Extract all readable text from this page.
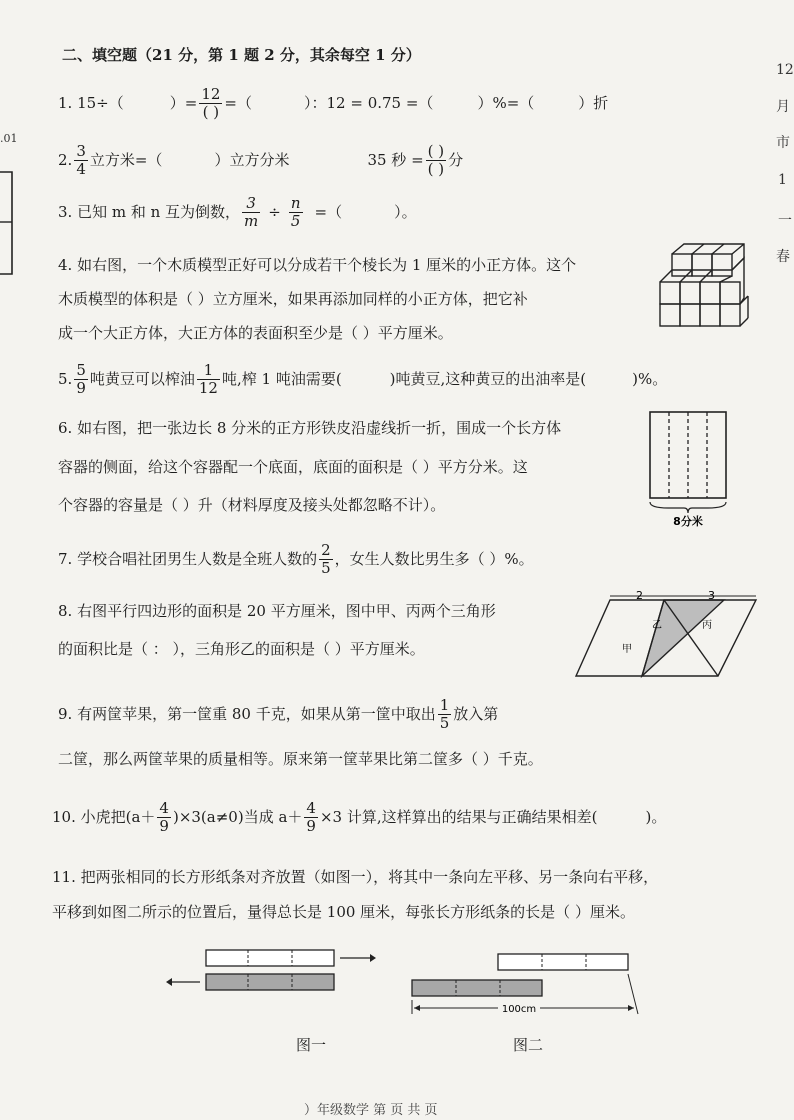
二、填空题（21 分，第 1 题 2 分，其余每空 1 分）
1. 15÷（	）= $\frac{12}{( )}$ =（	）：12 = 0.75 =（	）%=（	）折
2. $\frac{3}{4}$ 立方米=（	）立方分米	35 秒 = $\frac{( )}{( )}$ 分
3. 已知 m 和 n 互为倒数， $\frac{3}{m} \div \frac{n}{5}$ =（	）。
4. 如右图，一个木质模型正好可以分成若干个棱长为 1 厘米的小正方体。这个
木质模型的体积是（ ）立方厘米，如果再添加同样的小正方体，把它补
成一个大正方体，大正方体的表面积至少是（ ）平方厘米。
5. $\frac{5}{9}$ 吨黄豆可以榨油 $\frac{1}{12}$ 吨,榨 1 吨油需要(	)吨黄豆,这种黄豆的出油率是(	)%。
6. 如右图，把一张边长 8 分米的正方形铁皮沿虚线折一折，围成一个长方体
容器的侧面，给这个容器配一个底面，底面的面积是（ ）平方分米。这
个容器的容量是（ ）升（材料厚度及接头处都忽略不计）。
8分米
7. 学校合唱社团男生人数是全班人数的 $\frac{2}{5}$ ，女生人数比男生多（ ）%。
8. 右图平行四边形的面积是 20 平方厘米，图中甲、丙两个三角形
的面积比是（ ： ），三角形乙的面积是（ ）平方厘米。
2	3
乙	丙
甲
9. 有两筐苹果，第一筐重 80 千克，如果从第一筐中取出 $\frac{1}{5}$ 放入第
二筐，那么两筐苹果的质量相等。原来第一筐苹果比第二筐多（ ）千克。
10. 小虎把$(a+ \frac{4}{9} )\times 3(a\ne 0)$当成 $a+ \frac{4}{9} \times 3$ 计算,这样算出的结果与正确结果相差(	)。
11. 把两张相同的长方形纸条对齐放置（如图一），将其中一条向左平移、另一条向右平移，
平移到如图二所示的位置后，量得总长是 100 厘米，每张长方形纸条的长是（ ）厘米。
图一
100cm
图二
.01
12
月
市
1
一
春
）年级数学 第 页 共 页
